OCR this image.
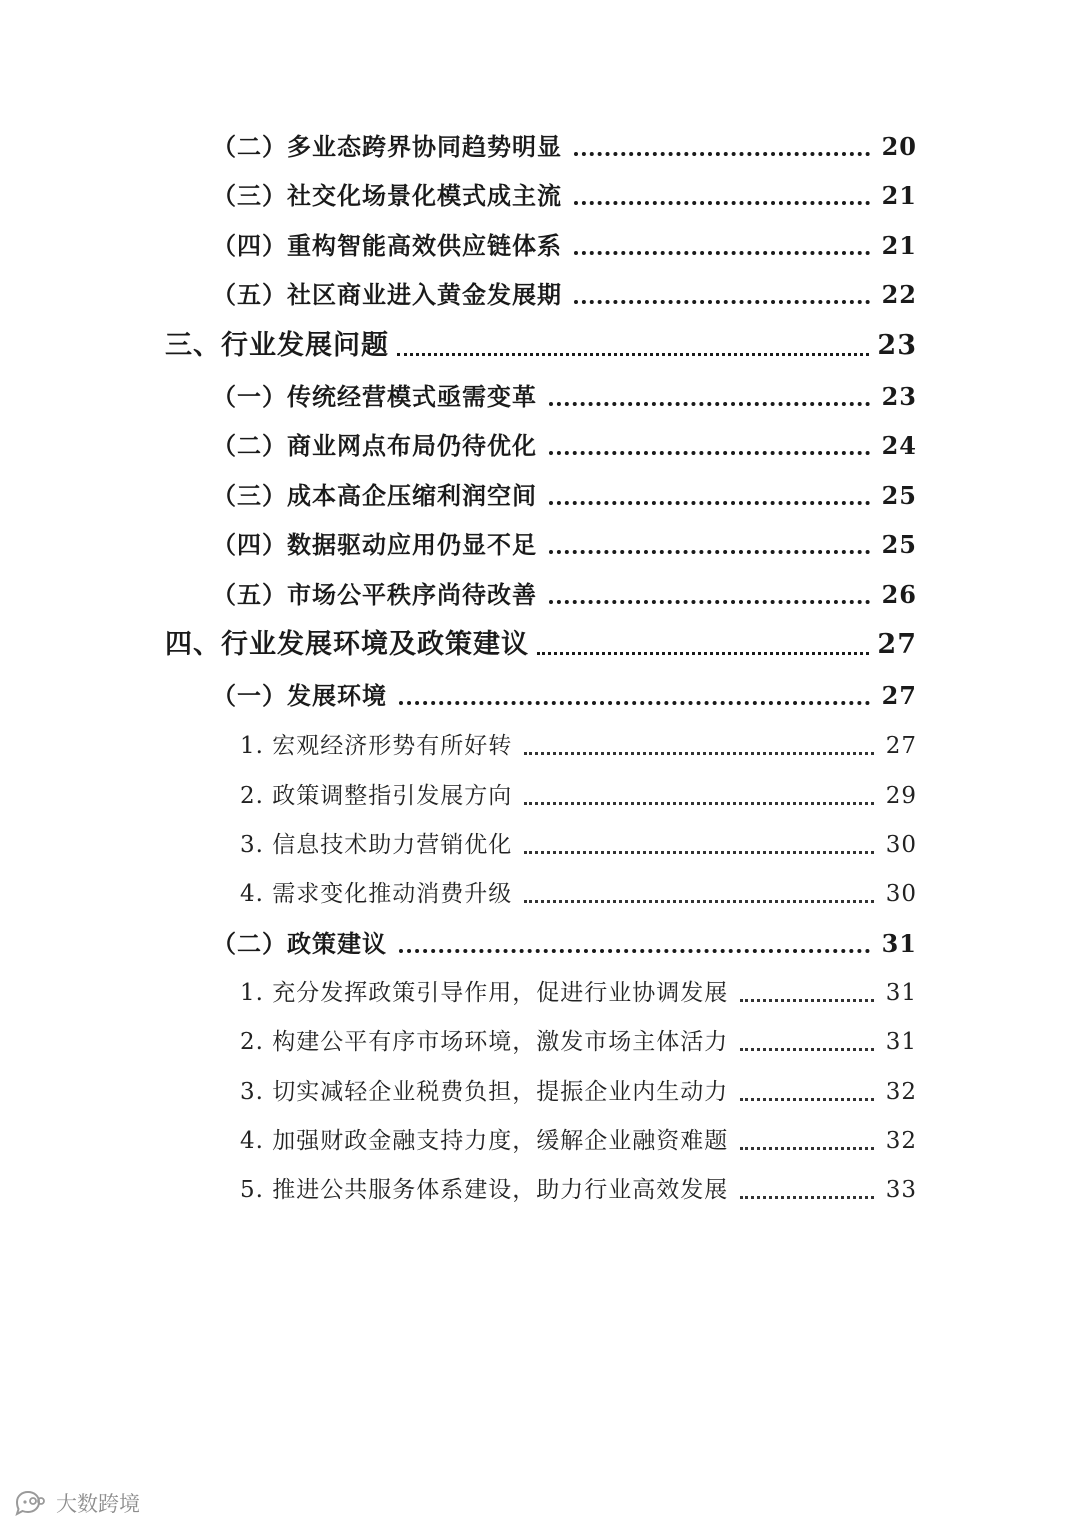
（二）多业态跨界协同趋势明显	20
（三）社交化场景化模式成主流	21
（四）重构智能高效供应链体系	21
（五）社区商业进入黄金发展期	22
三、行业发展问题	23
（一）传统经营模式亟需变革	23
（二）商业网点布局仍待优化	24
（三）成本高企压缩利润空间	25
（四）数据驱动应用仍显不足	25
（五）市场公平秩序尚待改善	26
四、行业发展环境及政策建议	27
（一）发展环境	27
1. 宏观经济形势有所好转	27
2. 政策调整指引发展方向	29
3. 信息技术助力营销优化	30
4. 需求变化推动消费升级	30
（二）政策建议	31
1. 充分发挥政策引导作用，促进行业协调发展	31
2. 构建公平有序市场环境，激发市场主体活力	31
3. 切实减轻企业税费负担，提振企业内生动力	32
4. 加强财政金融支持力度，缓解企业融资难题	32
5. 推进公共服务体系建设，助力行业高效发展	33
大数跨境
